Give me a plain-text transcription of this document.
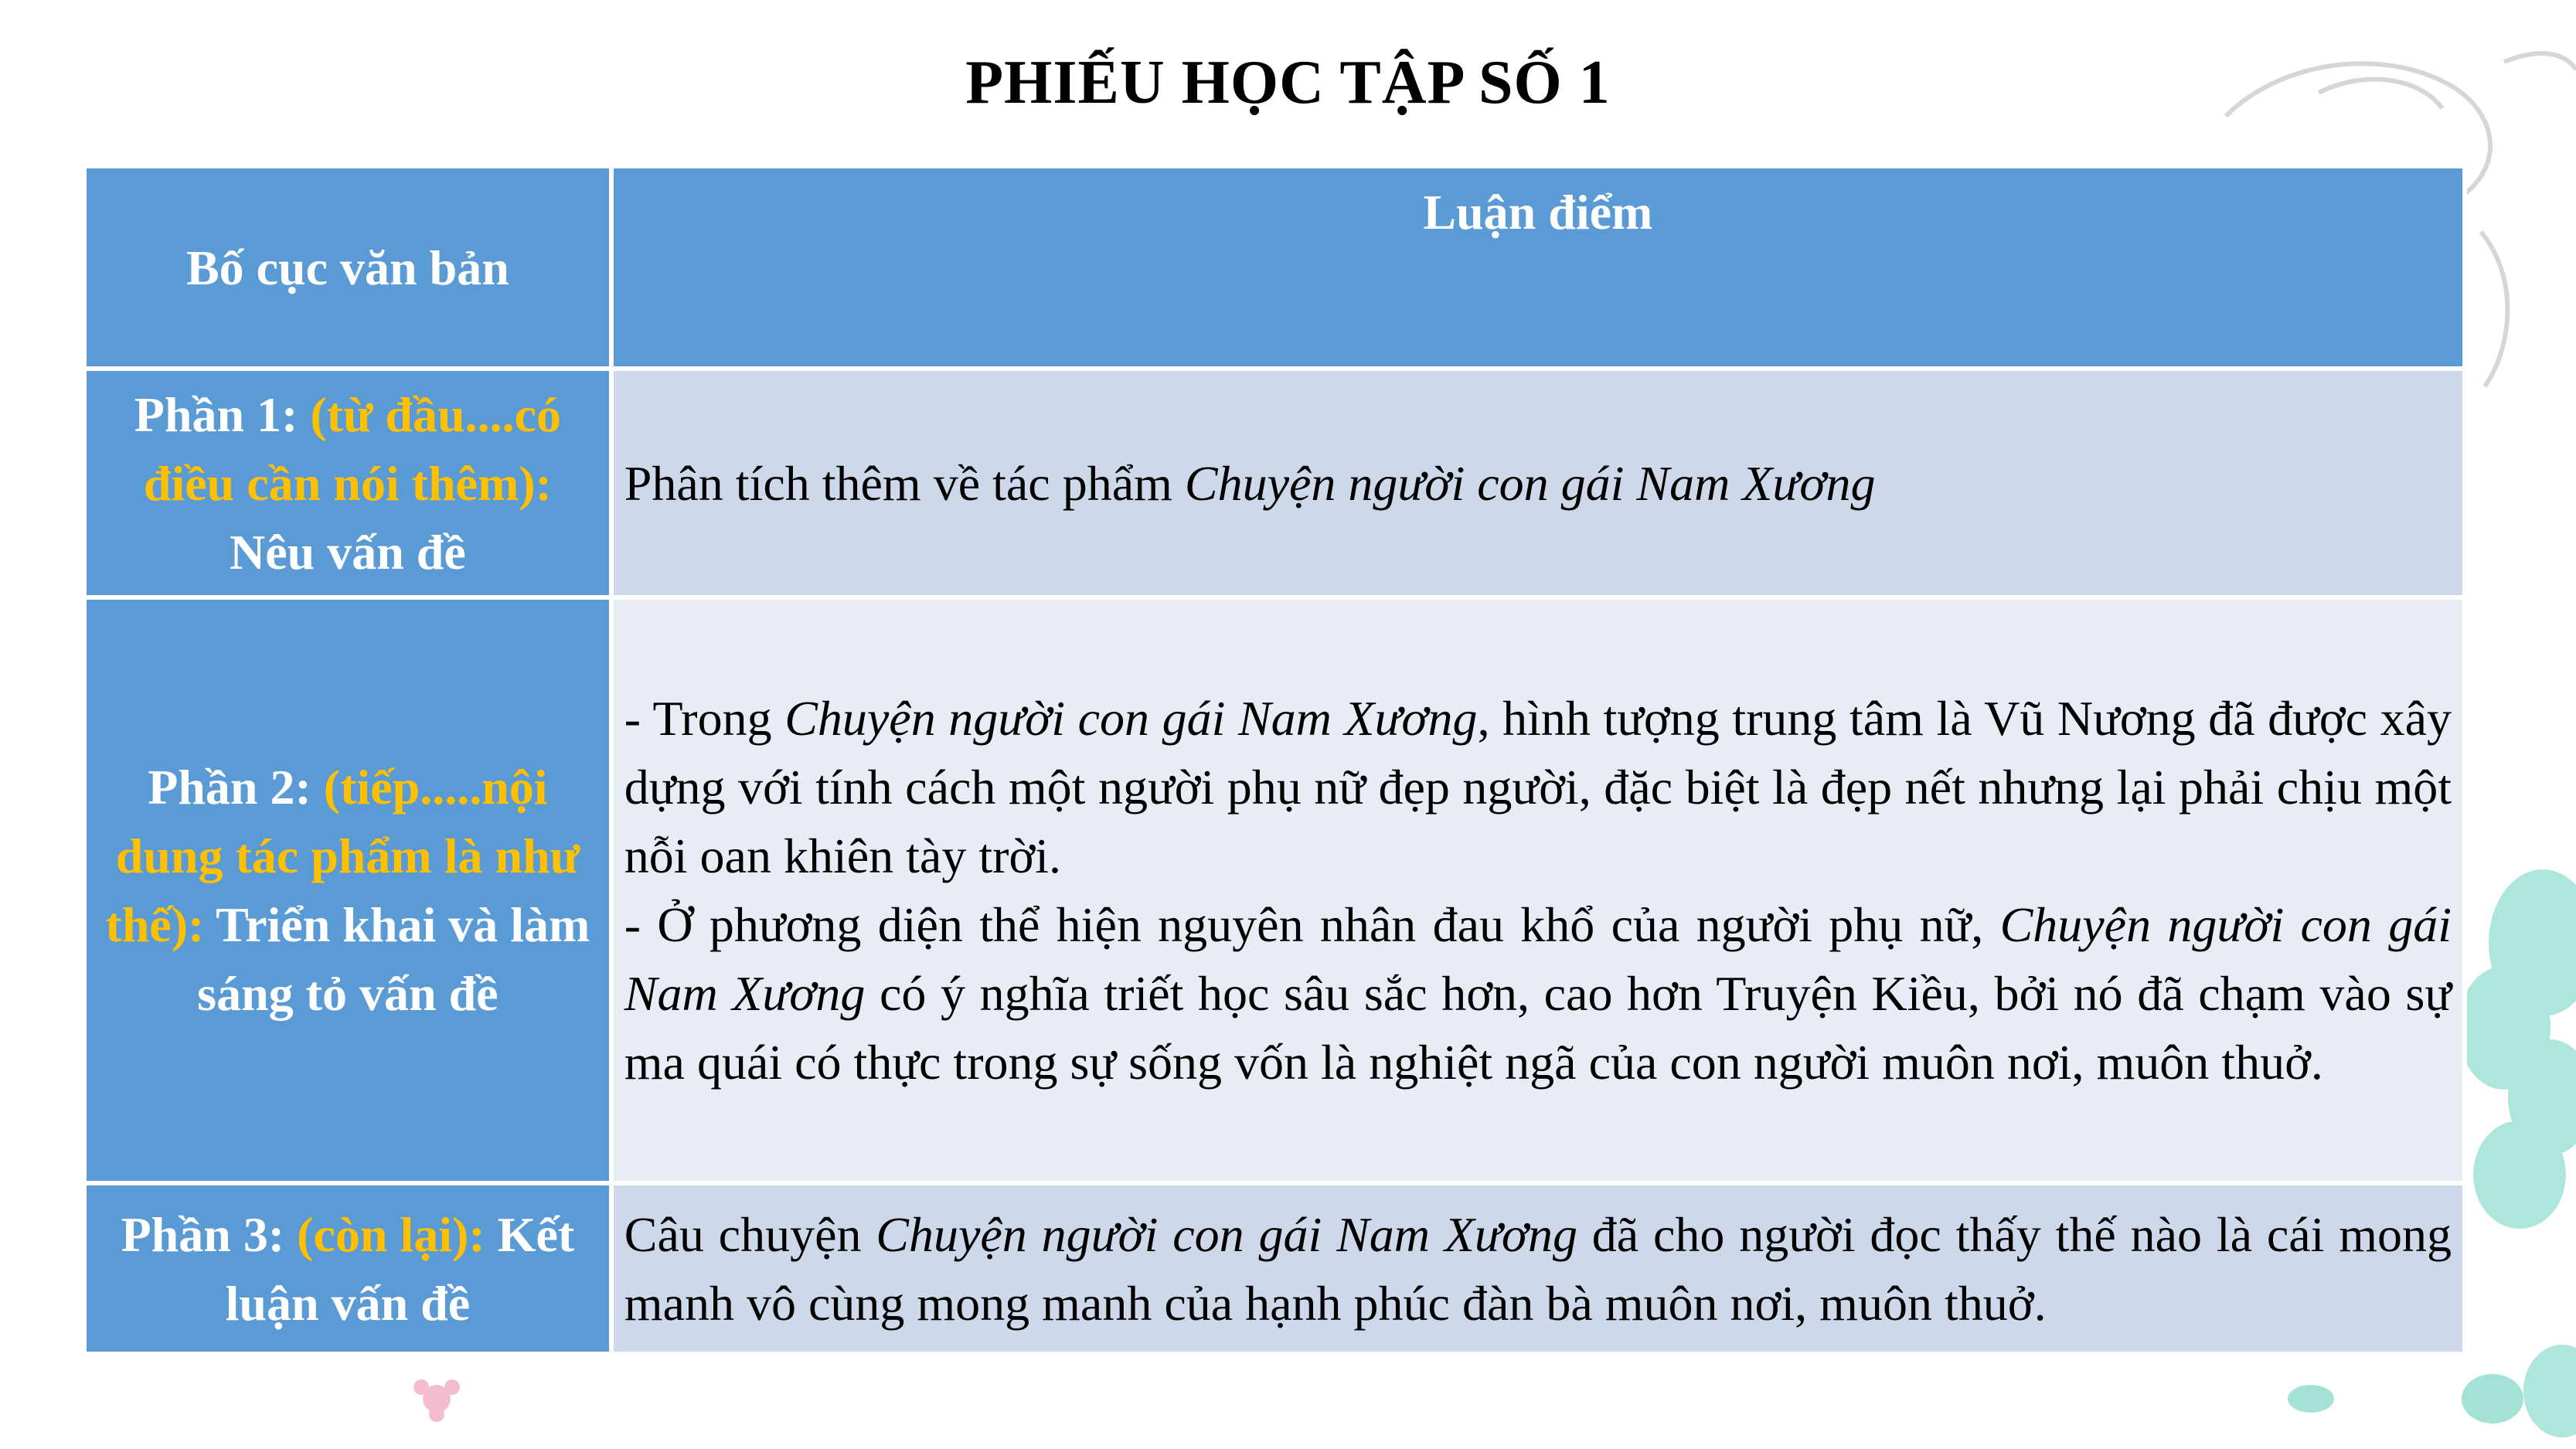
PHIẾU HỌC TẬP SỐ 1
Bố cục văn bản	Luận điểm
Phần 1: (từ đầu....có điều cần nói thêm): Nêu vấn đề	Phân tích thêm về tác phẩm Chuyện người con gái Nam Xương
Phần 2: (tiếp.....nội dung tác phẩm là như thế): Triển khai và làm sáng tỏ vấn đề	- Trong Chuyện người con gái Nam Xương, hình tượng trung tâm là Vũ Nương đã được xây dựng với tính cách một người phụ nữ đẹp người, đặc biệt là đẹp nết nhưng lại phải chịu một nỗi oan khiên tày trời.
- Ở phương diện thể hiện nguyên nhân đau khổ của người phụ nữ, Chuyện người con gái Nam Xương có ý nghĩa triết học sâu sắc hơn, cao hơn Truyện Kiều, bởi nó đã chạm vào sự ma quái có thực trong sự sống vốn là nghiệt ngã của con người muôn nơi, muôn thuở.

Phần 3: (còn lại): Kết luận vấn đề	Câu chuyện Chuyện người con gái Nam Xương đã cho người đọc thấy thế nào là cái mong manh vô cùng mong manh của hạnh phúc đàn bà muôn nơi, muôn thuở.
